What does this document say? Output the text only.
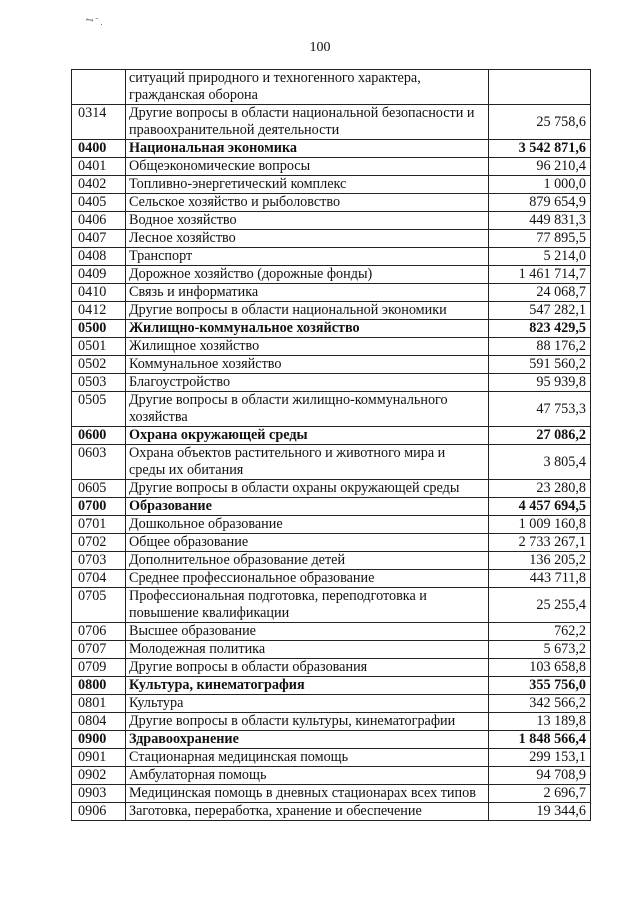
ꟷ ᷄ .
100
	ситуаций природного и техногенного характера, гражданская оборона	
0314	Другие вопросы в области национальной безопасности и правоохранительной деятельности	25 758,6
0400	Национальная экономика	3 542 871,6
0401	Общеэкономические вопросы	96 210,4
0402	Топливно-энергетический комплекс	1 000,0
0405	Сельское хозяйство и рыболовство	879 654,9
0406	Водное хозяйство	449 831,3
0407	Лесное хозяйство	77 895,5
0408	Транспорт	5 214,0
0409	Дорожное хозяйство (дорожные фонды)	1 461 714,7
0410	Связь и информатика	24 068,7
0412	Другие вопросы в области национальной экономики	547 282,1
0500	Жилищно-коммунальное хозяйство	823 429,5
0501	Жилищное хозяйство	88 176,2
0502	Коммунальное хозяйство	591 560,2
0503	Благоустройство	95 939,8
0505	Другие вопросы в области жилищно-коммунального хозяйства	47 753,3
0600	Охрана окружающей среды	27 086,2
0603	Охрана объектов растительного и животного мира и среды их обитания	3 805,4
0605	Другие вопросы в области охраны окружающей среды	23 280,8
0700	Образование	4 457 694,5
0701	Дошкольное образование	1 009 160,8
0702	Общее образование	2 733 267,1
0703	Дополнительное образование детей	136 205,2
0704	Среднее профессиональное образование	443 711,8
0705	Профессиональная подготовка, переподготовка и повышение квалификации	25 255,4
0706	Высшее образование	762,2
0707	Молодежная политика	5 673,2
0709	Другие вопросы в области образования	103 658,8
0800	Культура, кинематография	355 756,0
0801	Культура	342 566,2
0804	Другие вопросы в области культуры, кинематографии	13 189,8
0900	Здравоохранение	1 848 566,4
0901	Стационарная медицинская помощь	299 153,1
0902	Амбулаторная помощь	94 708,9
0903	Медицинская помощь в дневных стационарах всех типов	2 696,7
0906	Заготовка, переработка, хранение и обеспечение	19 344,6
